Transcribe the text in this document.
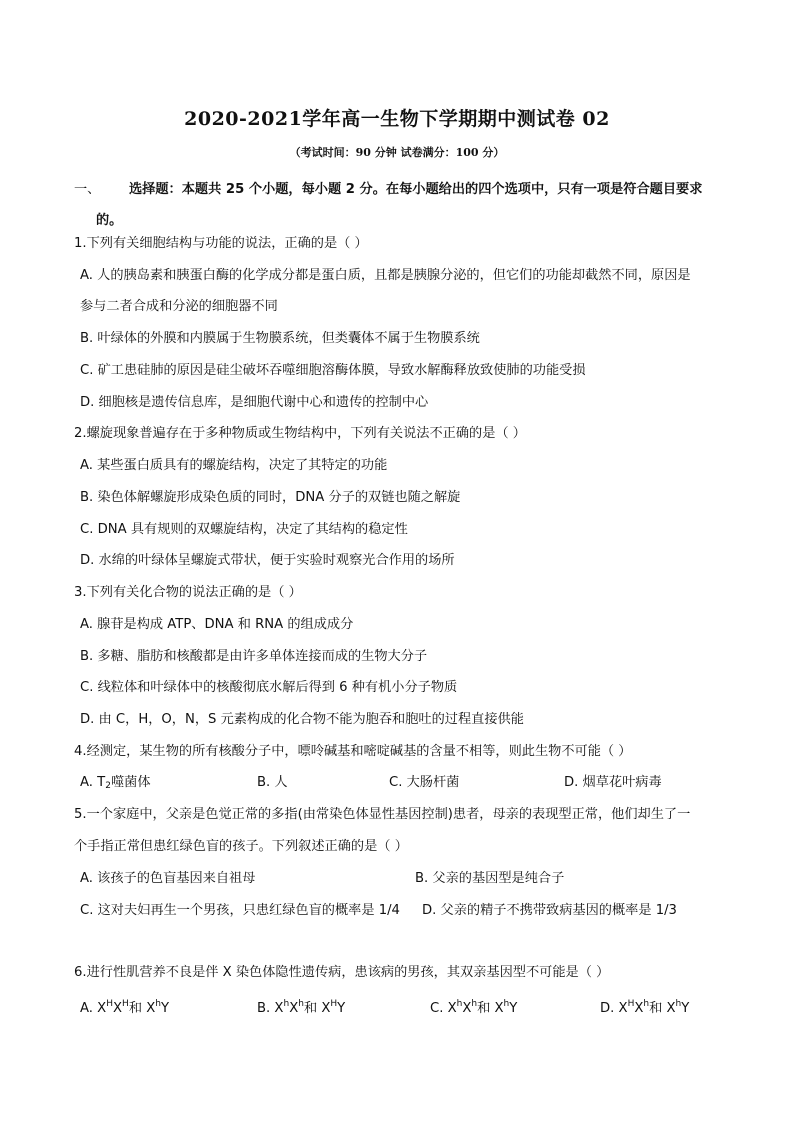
2020-2021学年高一生物下学期期中测试卷 02
（考试时间：90 分钟 试卷满分：100 分）
一、 选择题：本题共 25 个小题，每小题 2 分。在每小题给出的四个选项中，只有一项是符合题目要求
的。
1.下列有关细胞结构与功能的说法，正确的是（ ）
A. 人的胰岛素和胰蛋白酶的化学成分都是蛋白质，且都是胰腺分泌的，但它们的功能却截然不同，原因是
参与二者合成和分泌的细胞器不同
B. 叶绿体的外膜和内膜属于生物膜系统，但类囊体不属于生物膜系统
C. 矿工患硅肺的原因是硅尘破坏吞噬细胞溶酶体膜，导致水解酶释放致使肺的功能受损
D. 细胞核是遗传信息库，是细胞代谢中心和遗传的控制中心
2.螺旋现象普遍存在于多种物质或生物结构中，下列有关说法不正确的是（ ）
A. 某些蛋白质具有的螺旋结构，决定了其特定的功能
B. 染色体解螺旋形成染色质的同时，DNA 分子的双链也随之解旋
C. DNA 具有规则的双螺旋结构，决定了其结构的稳定性
D. 水绵的叶绿体呈螺旋式带状，便于实验时观察光合作用的场所
3.下列有关化合物的说法正确的是（ ）
A. 腺苷是构成 ATP、DNA 和 RNA 的组成成分
B. 多糖、脂肪和核酸都是由许多单体连接而成的生物大分子
C. 线粒体和叶绿体中的核酸彻底水解后得到 6 种有机小分子物质
D. 由 C，H，O，N，S 元素构成的化合物不能为胞吞和胞吐的过程直接供能
4.经测定，某生物的所有核酸分子中，嘌呤碱基和嘧啶碱基的含量不相等，则此生物不可能（ ）
A. $T_2$噬菌体	B. 人	C. 大肠杆菌	D. 烟草花叶病毒
5.一个家庭中，父亲是色觉正常的多指(由常染色体显性基因控制)患者，母亲的表现型正常，他们却生了一
个手指正常但患红绿色盲的孩子。下列叙述正确的是（ ）
A. 该孩子的色盲基因来自祖母	B. 父亲的基因型是纯合子
C. 这对夫妇再生一个男孩，只患红绿色盲的概率是 1/4 D. 父亲的精子不携带致病基因的概率是 1/3
6.进行性肌营养不良是伴 X 染色体隐性遗传病，患该病的男孩，其双亲基因型不可能是（ ）
A. $X^HX^H$和 $X^hY$	B. $X^hX^h$和 $X^HY$	C. $X^hX^h$和 $X^hY$	D. $X^HX^h$和 $X^hY$
